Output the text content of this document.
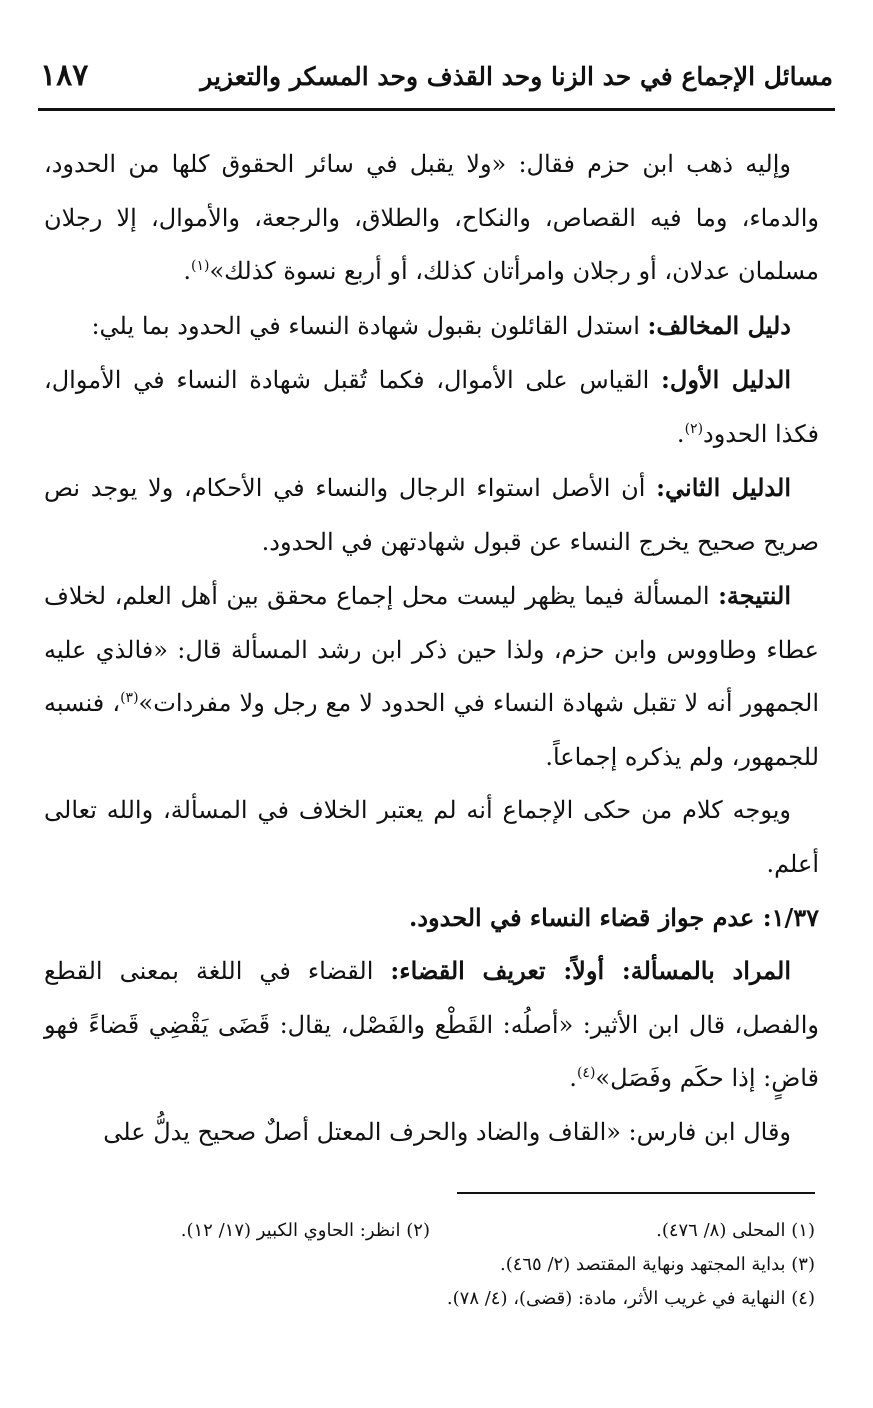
مسائل الإجماع في حد الزنا وحد القذف وحد المسكر والتعزير
١٨٧

وإليه ذهب ابن حزم فقال: «ولا يقبل في سائر الحقوق كلها من الحدود، والدماء، وما فيه القصاص، والنكاح، والطلاق، والرجعة، والأموال، إلا رجلان مسلمان عدلان، أو رجلان وامرأتان كذلك، أو أربع نسوة كذلك»$^{(١)}$.

دليل المخالف: استدل القائلون بقبول شهادة النساء في الحدود بما يلي:

الدليل الأول: القياس على الأموال، فكما تُقبل شهادة النساء في الأموال، فكذا الحدود$^{(٢)}$.

الدليل الثاني: أن الأصل استواء الرجال والنساء في الأحكام، ولا يوجد نص صريح صحيح يخرج النساء عن قبول شهادتهن في الحدود.

النتيجة: المسألة فيما يظهر ليست محل إجماع محقق بين أهل العلم، لخلاف عطاء وطاووس وابن حزم، ولذا حين ذكر ابن رشد المسألة قال: «فالذي عليه الجمهور أنه لا تقبل شهادة النساء في الحدود لا مع رجل ولا مفردات»$^{(٣)}$، فنسبه للجمهور، ولم يذكره إجماعاً.

ويوجه كلام من حكى الإجماع أنه لم يعتبر الخلاف في المسألة، والله تعالى أعلم.

١/٣٧: عدم جواز قضاء النساء في الحدود.

المراد بالمسألة: أولاً: تعريف القضاء: القضاء في اللغة بمعنى القطع والفصل، قال ابن الأثير: «أصلُه: القَطْع والفَصْل، يقال: قَضَى يَقْضِي قَضاءً فهو قاضٍ: إذا حكَم وفَصَل»$^{(٤)}$.

وقال ابن فارس: «القاف والضاد والحرف المعتل أصلٌ صحيح يدلُّ على

(١) المحلى (٨/ ٤٧٦).(٢) انظر: الحاوي الكبير (١٧/ ١٢).
(٣) بداية المجتهد ونهاية المقتصد (٢/ ٤٦٥).
(٤) النهاية في غريب الأثر، مادة: (قضى)، (٤/ ٧٨).
